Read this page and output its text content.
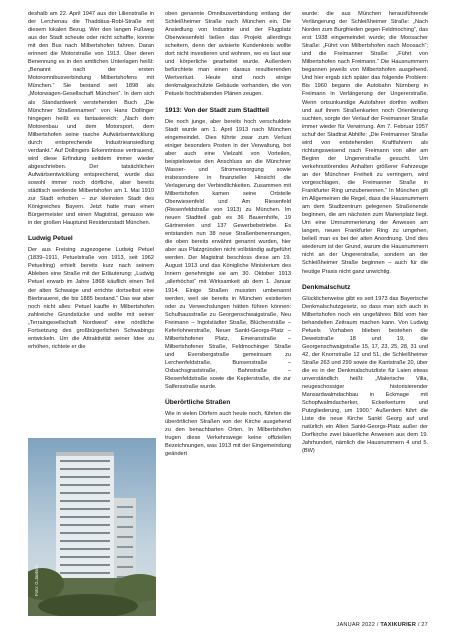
deshalb am 22. April 1947 aus der Lilienstraße in der Lerchenau die Thaddäus-Robl-Straße mit diesem lokalen Bezug. Wer den langen Fußweg aus der Stadt scheute oder nicht schaffte, konnte mit den Bus nach Milbertshofen fahren. Daran erinnert die Motorstraße von 1913. Über deren Benennung es in den amtlichen Unterlagen heißt: „Benannt nach der ersten Motoromnibusverbindung Milbertshofens mit München.“ Sie bestand seit 1898 als „Motorwagen-Gesellschaft München“. In dem sich als Standardwerk verstehenden Buch „Die Münchner Straßennamen“ von Hans Dollinger hingegen heißt es fantasiereich: „Nach dem Motorenbau und dem Motorsport, dem Milbertshofen seine rasche Aufwärtsentwicklung durch entsprechende Industrieansiedlung verdankt.“ Auf Dollingers Erkenntnisse vertrauend, wird diese Erfindung seitdem immer wieder abgeschrieben. Der tatsächlichen Aufwärtsentwicklung entsprechend, wurde das sowohl immer noch dörfliche, aber bereits städtisch werdende Milbertshofen am 1. Mai 1910 zur Stadt erhoben – zur kleinsten Stadt des Königreiches Bayern. Jetzt hatte man einen Bürgermeister und einen Magistrat, genauso wie in der großen Hauptund Residenzstadt München.

Ludwig Petuel

Der aus Freising zugezogene Ludwig Petuel (1839–1911, Petuelstraße von 1913, seit 1962 Petuelring) erhielt bereits kurz nach seinem Ableben eine Straße mit der Erläuterung: „Ludwig Petuel erwarb im Jahre 1868 käuflich einen Teil der alten Schwaige und errichte dortselbst eine Bierbrauerei, die bis 1885 bestand.“ Das war aber noch nicht alles: Petuel kaufte in Milbertshofen zahlreiche Grundstücke und wollte mit seiner „Terraingesellschaft Nordwest“ eine nördliche Fortsetzung des großbürgerlichen Schwabings entwickeln. Um die Attraktivität seiner Idee zu erhöhen, richtete er die

Foto: G.Jantsch

oben genannte Omnibusverbindung entlang der Schleißheimer Straße nach München ein. Die Ansiedlung von Industrie und der Flugplatz Oberwiesenfeld ließen das Projekt allerdings scheitern, denn der avisierte Kundenkreis wollte dort nicht investieren und wohnen, wo es laut war und körperliche gearbeitet wurde. Außerdem befürchtete man einen daraus resultierenden Wertverlust. Heute sind noch einige denkmalgeschützte Gebäude vorhanden, die von Petuels hochtrabenden Plänen zeugen.

1913: Von der Stadt zum Stadtteil

Die noch junge, aber bereits hoch verschuldete Stadt wurde am 1. April 1913 nach München eingemeindet. Dies führte zwar zum Verlust einiger besonders Posten in der Verwaltung, bot aber auch eine Vielzahl von Vorteilen, beispielsweise den Anschluss an die Münchner Wasser- und Stromversorgung sowie insbesondere in finanzieller Hinsicht die Verlagerung der Verbindlichkeiten. Zusammen mit Milbertshofen kamen seine Ortsteile Oberwiesenfeld und Am Riesenfeld (Riesenfeldstraße von 1913) zu München. Im neuen Stadtteil gab es 36 Bauernhöfe, 19 Gärtnereien und 137 Gewerbebetriebe. Es entstanden nun 38 neue Straßenbenennungen, die oben bereits erwähnt genannt wurden, hier aber aus Platzgründen nicht vollständig aufgeführt werden. Der Magistrat beschloss diese am 19. August 1913 und das Königliche Ministerium des Innern genehmigte sie am 30. Oktober 1913 „allerhöchst“ mit Wirksamkeit ab dem 1. Januar 1914. Einige Straßen mussten umbenannt werden, weil sie bereits in München existierten oder zu Verwechslungen hätten führen können: Schulhausstraße zu Georgenschwaigstraße, Neu Freimann – Ingolstädter Straße, Blüchersträße – Keferlohnerstraße, Neuer Sankt-Georgs-Platz – Milbertshofener Platz, Emeranstraße – Milbertshofener Straße, Feldmochinger Straße und Eversbergstraße gemeinsam zu Lerchenfeldstraße, Bunsenstraße – Oxbachsgraststraße, Bahnstraße – Riesenfeldstraße sowie die Keplerstraße, die zur Salfersstraße wurde.

Überörtliche Straßen

Wie in vielen Dörfern auch heute noch, führten die überörtlichen Straßen von der Kirche ausgehend zu den benachbarten Orten. In Milbertshofen trugen diese Verkehrswege keine offiziellen Bezeichnungen, was 1913 mit der Eingemeindung geändert

wurde: die aus München herausführende Verlängerung der Schleißheimer Straße: „Nach Norden zum Burgfrieden gegen Feldmoching“, das erst 1938 eingemeindet wurde; die Moosacher Straße: „Führt von Milbertshofen nach Moosach“; und die Freimanner Straße: „Führt von Milbertshofen nach Freimann.“ Die Hausnummern begannen jeweils von Milbertshofen ausgehend. Und hier ergab sich später das folgende Problem: Bis 1960 begann die Autobahn Nürnberg in Freimann in Verlängerung der Ungererstraße. Wenn ortsunkundige Autofahrer dorthin wollten und auf ihrem Straßenkarten noch Orientierung suchten, sorgte der Verlauf der Freimanner Straße immer wieder für Verwirrung. Am 7. Februar 1957 schuf der Stadtrat Abhilfe: „Die Freimanner Straße wird von entstehenden Kraftfahrern als richtungsweisend nach Freimann von aller am Beginn der Ungererstraße gesucht. Um verkehrsstörendes Anhalten größerer Fahrzeuge an der Münchner Freiheit zu verringern, wird vorgeschlagen, die Freimanner Straße in Frankfurter Ring umzubenennen.“ In München gilt im Allgemeinen die Regel, dass die Hausnummern am dem Stadtzentrum gelegenen Straßenende beginnen, die am nächsten zum Marienplatz liegt. Um eine Umnummerierung der Anwesen am langen, neuen Frankfurter Ring zu umgehen, beließ man es bei der alten Anordnung. Und dies wiederum ist der Grund, warum die Hausnummern nicht an der Ungererstraße, sondern an der Schleißheimer Straße beginnen – auch für die heutige Praxis nicht ganz unwichtig.

Denkmalschutz

Glücklicherweise gibt es seit 1973 das Bayerische Denkmalschutzgesetz, so dass man sich auch in Milbertshofen noch ein ungefähres Bild vom hier behandelten Zeitraum machen kann. Von Ludwig Petuels Vorhaben blieben bestehen die Dewetstraße 18 und 19, die Georgenschwaigstraße 15, 17, 23, 25, 28, 31 und 42, der Knorrstraße 12 und 51, die Schleißheimer Straße 263 und 299 sowie die Kantstraße 20, über die es in der Denkmalschutzliste für Laien etwas unverständlich heißt: „Malerische Villa, neugeschossiger historisierender Mansardwalmdachbau in Eckmage mit Schopfwalmdacherker, Eckerkerturm und Putzgliederung, um 1900.“ Außerdem führt die Liste die neue Kirche Sankt Georg auf und natürlich ein Alten Sankt-Georgs-Platz außer der Dorfkirche zwei bäuerliche Anwesen aus dem 19. Jahrhundert, nämlich die Hausnummern 4 und 5. (BW)

JANUAR 2022 / TAXIKURIER / 27
